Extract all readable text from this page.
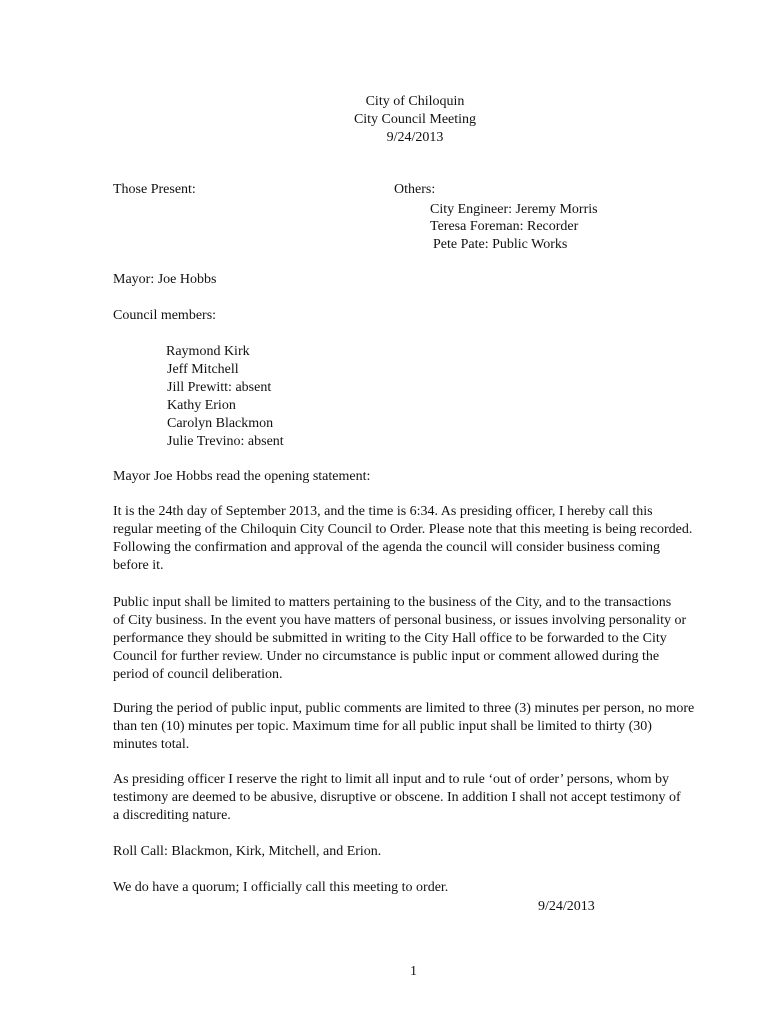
City of Chiloquin
City Council Meeting
9/24/2013
Those Present:	Others:
City Engineer: Jeremy Morris
Teresa Foreman: Recorder
Pete Pate: Public Works
Mayor: Joe Hobbs
Council members:
Raymond Kirk
Jeff Mitchell
Jill Prewitt: absent
Kathy Erion
Carolyn Blackmon
Julie Trevino: absent
Mayor Joe Hobbs read the opening statement:
It is the 24th day of September 2013, and the time is 6:34. As presiding officer, I hereby call this
regular meeting of the Chiloquin City Council to Order. Please note that this meeting is being recorded.
Following the confirmation and approval of the agenda the council will consider business coming
before it.
Public input shall be limited to matters pertaining to the business of the City, and to the transactions
of City business. In the event you have matters of personal business, or issues involving personality or
performance they should be submitted in writing to the City Hall office to be forwarded to the City
Council for further review. Under no circumstance is public input or comment allowed during the
period of council deliberation.
During the period of public input, public comments are limited to three (3) minutes per person, no more
than ten (10) minutes per topic. Maximum time for all public input shall be limited to thirty (30)
minutes total.
As presiding officer I reserve the right to limit all input and to rule ‘out of order’ persons, whom by
testimony are deemed to be abusive, disruptive or obscene. In addition I shall not accept testimony of
a discrediting nature.
Roll Call: Blackmon, Kirk, Mitchell, and Erion.
We do have a quorum; I officially call this meeting to order.
9/24/2013
1
